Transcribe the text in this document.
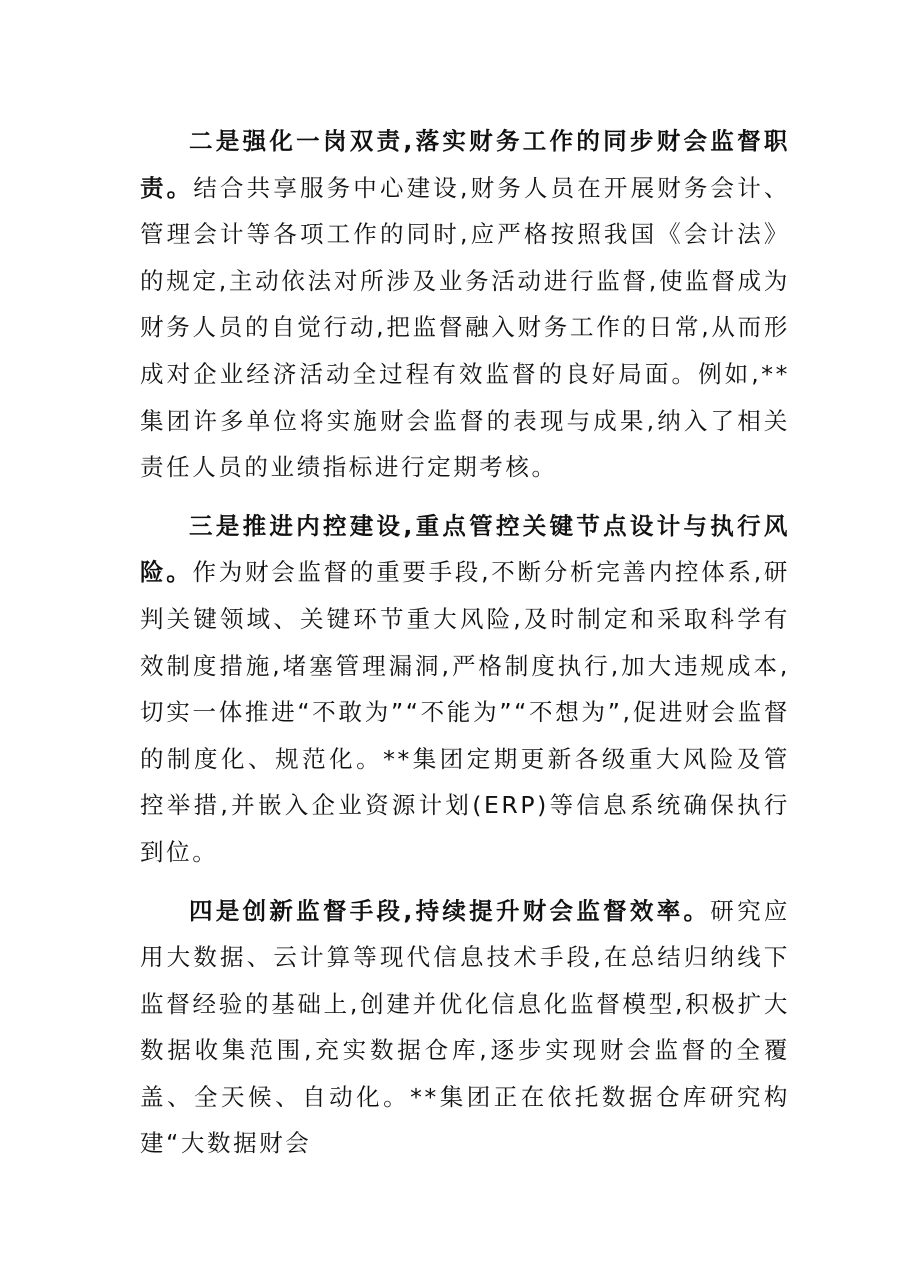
二是强化一岗双责,落实财务工作的同步财会监督职责。结合共享服务中心建设,财务人员在开展财务会计、管理会计等各项工作的同时,应严格按照我国《会计法》的规定,主动依法对所涉及业务活动进行监督,使监督成为财务人员的自觉行动,把监督融入财务工作的日常,从而形成对企业经济活动全过程有效监督的良好局面。例如,**集团许多单位将实施财会监督的表现与成果,纳入了相关责任人员的业绩指标进行定期考核。

三是推进内控建设,重点管控关键节点设计与执行风险。作为财会监督的重要手段,不断分析完善内控体系,研判关键领域、关键环节重大风险,及时制定和采取科学有效制度措施,堵塞管理漏洞,严格制度执行,加大违规成本,切实一体推进“不敢为”“不能为”“不想为”,促进财会监督的制度化、规范化。**集团定期更新各级重大风险及管控举措,并嵌入企业资源计划(ERP)等信息系统确保执行到位。

四是创新监督手段,持续提升财会监督效率。研究应用大数据、云计算等现代信息技术手段,在总结归纳线下监督经验的基础上,创建并优化信息化监督模型,积极扩大数据收集范围,充实数据仓库,逐步实现财会监督的全覆盖、全天候、自动化。**集团正在依托数据仓库研究构建“大数据财会
